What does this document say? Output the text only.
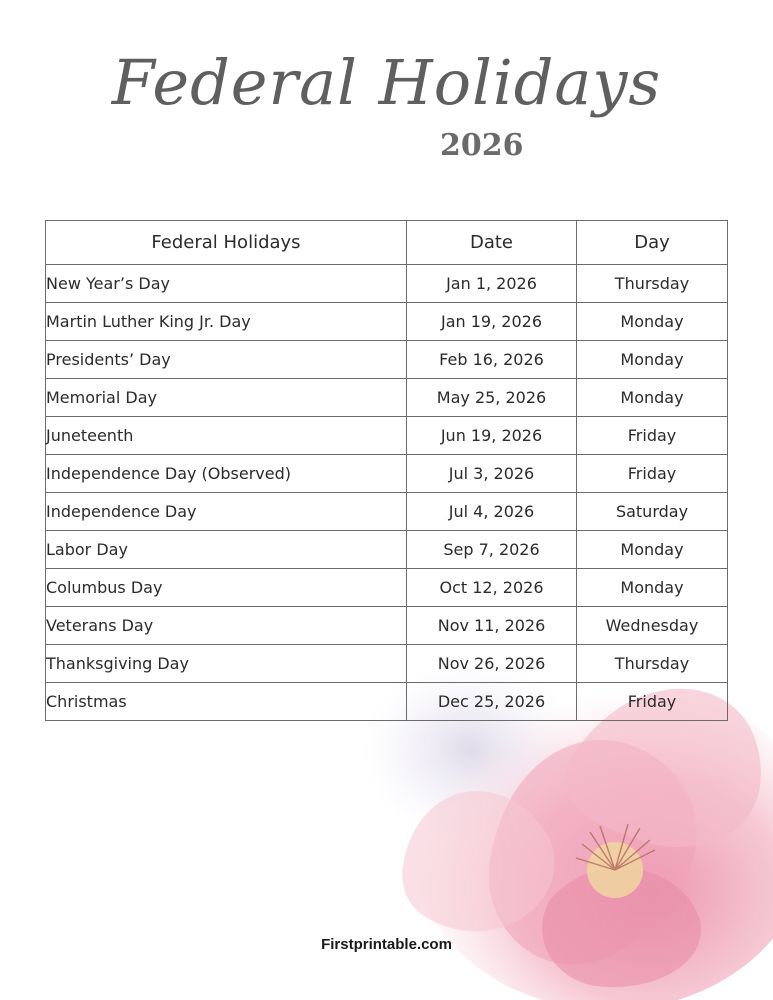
Federal Holidays
2026
Federal Holidays	Date	Day
New Year’s Day	Jan 1, 2026	Thursday
Martin Luther King Jr. Day	Jan 19, 2026	Monday
Presidents’ Day	Feb 16, 2026	Monday
Memorial Day	May 25, 2026	Monday
Juneteenth	Jun 19, 2026	Friday
Independence Day (Observed)	Jul 3, 2026	Friday
Independence Day	Jul 4, 2026	Saturday
Labor Day	Sep 7, 2026	Monday
Columbus Day	Oct 12, 2026	Monday
Veterans Day	Nov 11, 2026	Wednesday
Thanksgiving Day	Nov 26, 2026	Thursday
Christmas	Dec 25, 2026	Friday
Firstprintable.com
